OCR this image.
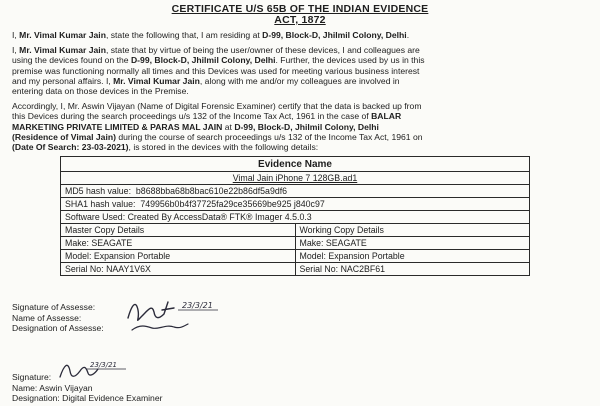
CERTIFICATE U/S 65B OF THE INDIAN EVIDENCE
ACT, 1872
I, Mr. Vimal Kumar Jain, state the following that, I am residing at D-99, Block-D, Jhilmil Colony, Delhi.
I, Mr. Vimal Kumar Jain, state that by virtue of being the user/owner of these devices, I and colleagues are
using the devices found on the D-99, Block-D, Jhilmil Colony, Delhi. Further, the devices used by us in this
premise was functioning normally all times and this Devices was used for meeting various business interest
and my personal affairs. I, Mr. Vimal Kumar Jain, along with me and/or my colleagues are involved in
entering data on those devices in the Premise.
Accordingly, I, Mr. Aswin Vijayan (Name of Digital Forensic Examiner) certify that the data is backed up from
this Devices during the search proceedings u/s 132 of the Income Tax Act, 1961 in the case of BALAR
MARKETING PRIVATE LIMITED & PARAS MAL JAIN at D-99, Block-D, Jhilmil Colony, Delhi
(Residence of Vimal Jain) during the course of search proceedings u/s 132 of the Income Tax Act, 1961 on
(Date Of Search: 23-03-2021), is stored in the devices with the following details:
Evidence Name	
Vimal Jain iPhone 7 128GB.ad1	
MD5 hash value: b8688bba68b8bac610e22b86df5a9df6	
SHA1 hash value: 749956b0b4f37725fa29ce35669be925 j840c97	
Software Used: Created By AccessData® FTK® Imager 4.5.0.3	
Master Copy Details	Working Copy Details
Make: SEAGATE	Make: SEAGATE
Model: Expansion Portable	Model: Expansion Portable
Serial No: NAAY1V6X	Serial No: NAC2BF61
Signature of Assesse:
Name of Assesse:
Designation of Assesse:
23/3/21
Signature:
Name: Aswin Vijayan
Designation: Digital Evidence Examiner
23/3/21
